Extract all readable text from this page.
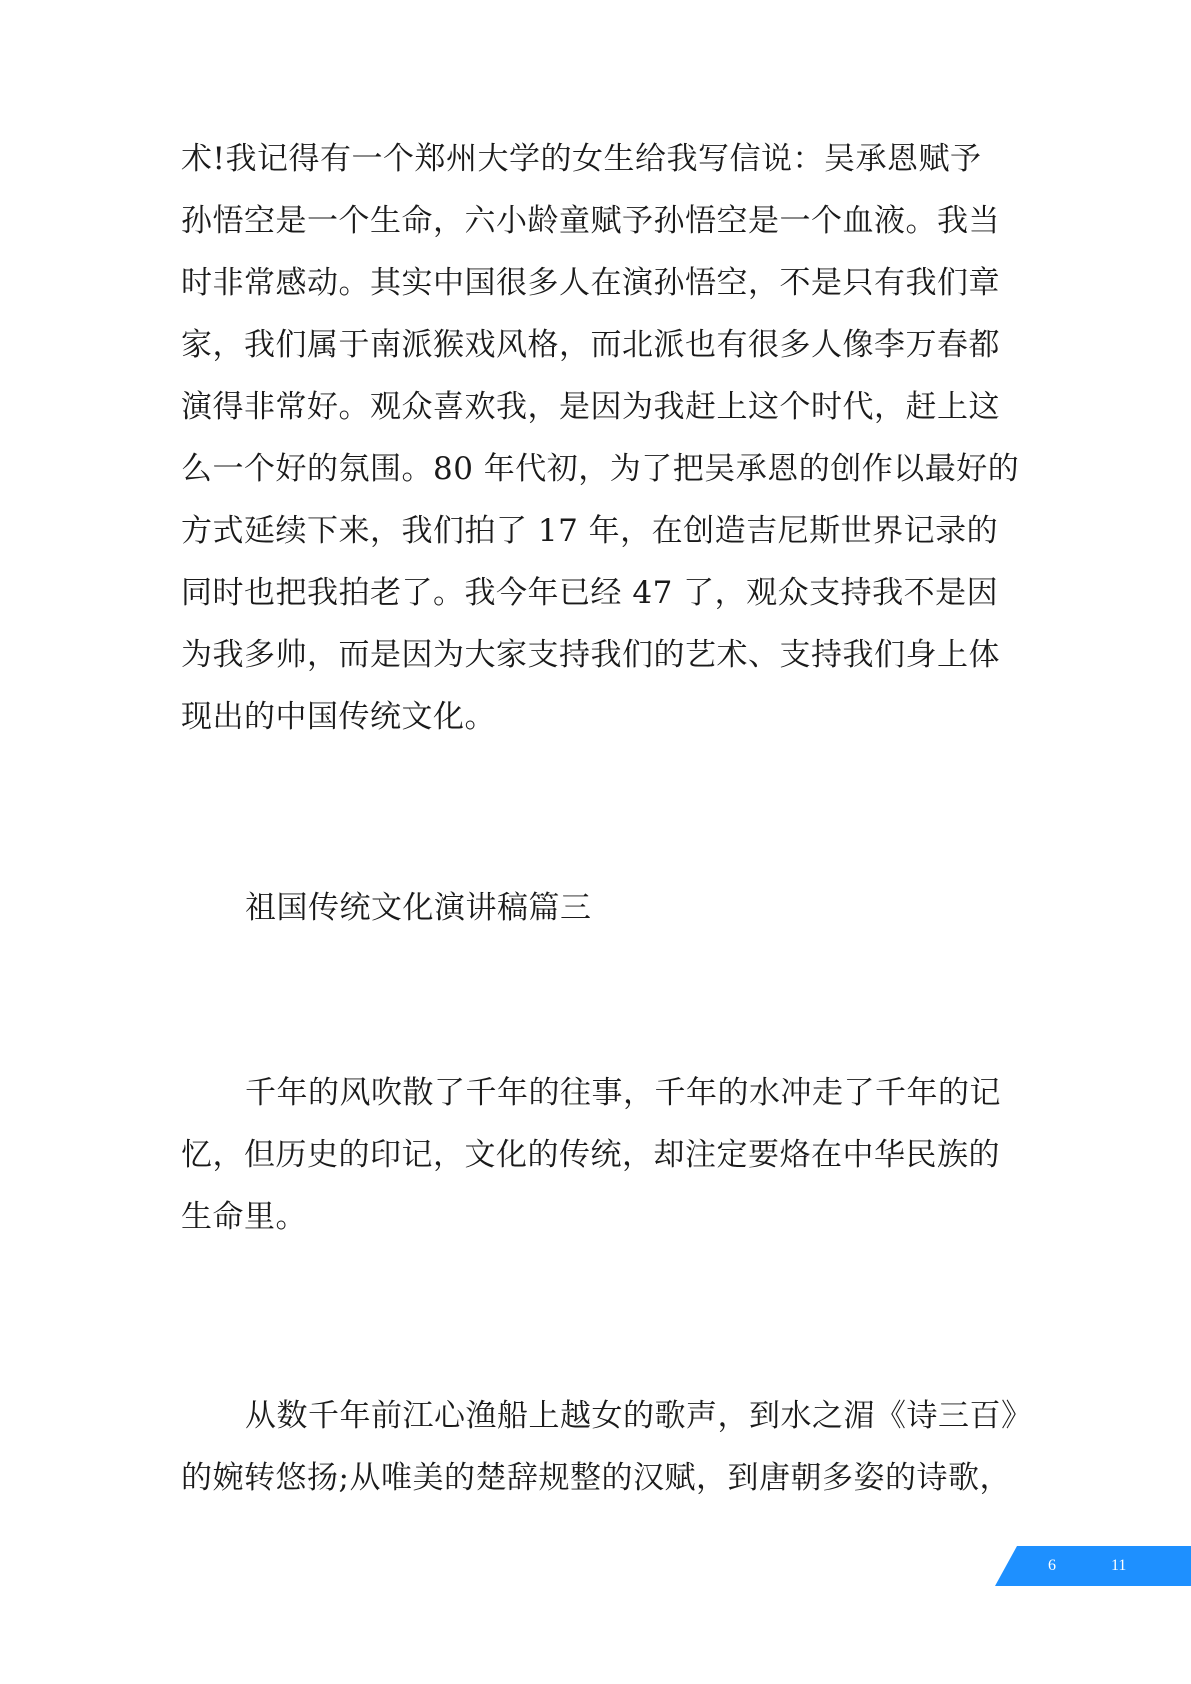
术!我记得有一个郑州大学的女生给我写信说：吴承恩赋予
孙悟空是一个生命，六小龄童赋予孙悟空是一个血液。我当
时非常感动。其实中国很多人在演孙悟空，不是只有我们章
家，我们属于南派猴戏风格，而北派也有很多人像李万春都
演得非常好。观众喜欢我，是因为我赶上这个时代，赶上这
么一个好的氛围。80 年代初，为了把吴承恩的创作以最好的
方式延续下来，我们拍了 17 年，在创造吉尼斯世界记录的
同时也把我拍老了。我今年已经 47 了，观众支持我不是因
为我多帅，而是因为大家支持我们的艺术、支持我们身上体
现出的中国传统文化。
祖国传统文化演讲稿篇三
千年的风吹散了千年的往事，千年的水冲走了千年的记
忆，但历史的印记，文化的传统，却注定要烙在中华民族的
生命里。
从数千年前江心渔船上越女的歌声，到水之湄《诗三百》
的婉转悠扬;从唯美的楚辞规整的汉赋，到唐朝多姿的诗歌，
6	11
